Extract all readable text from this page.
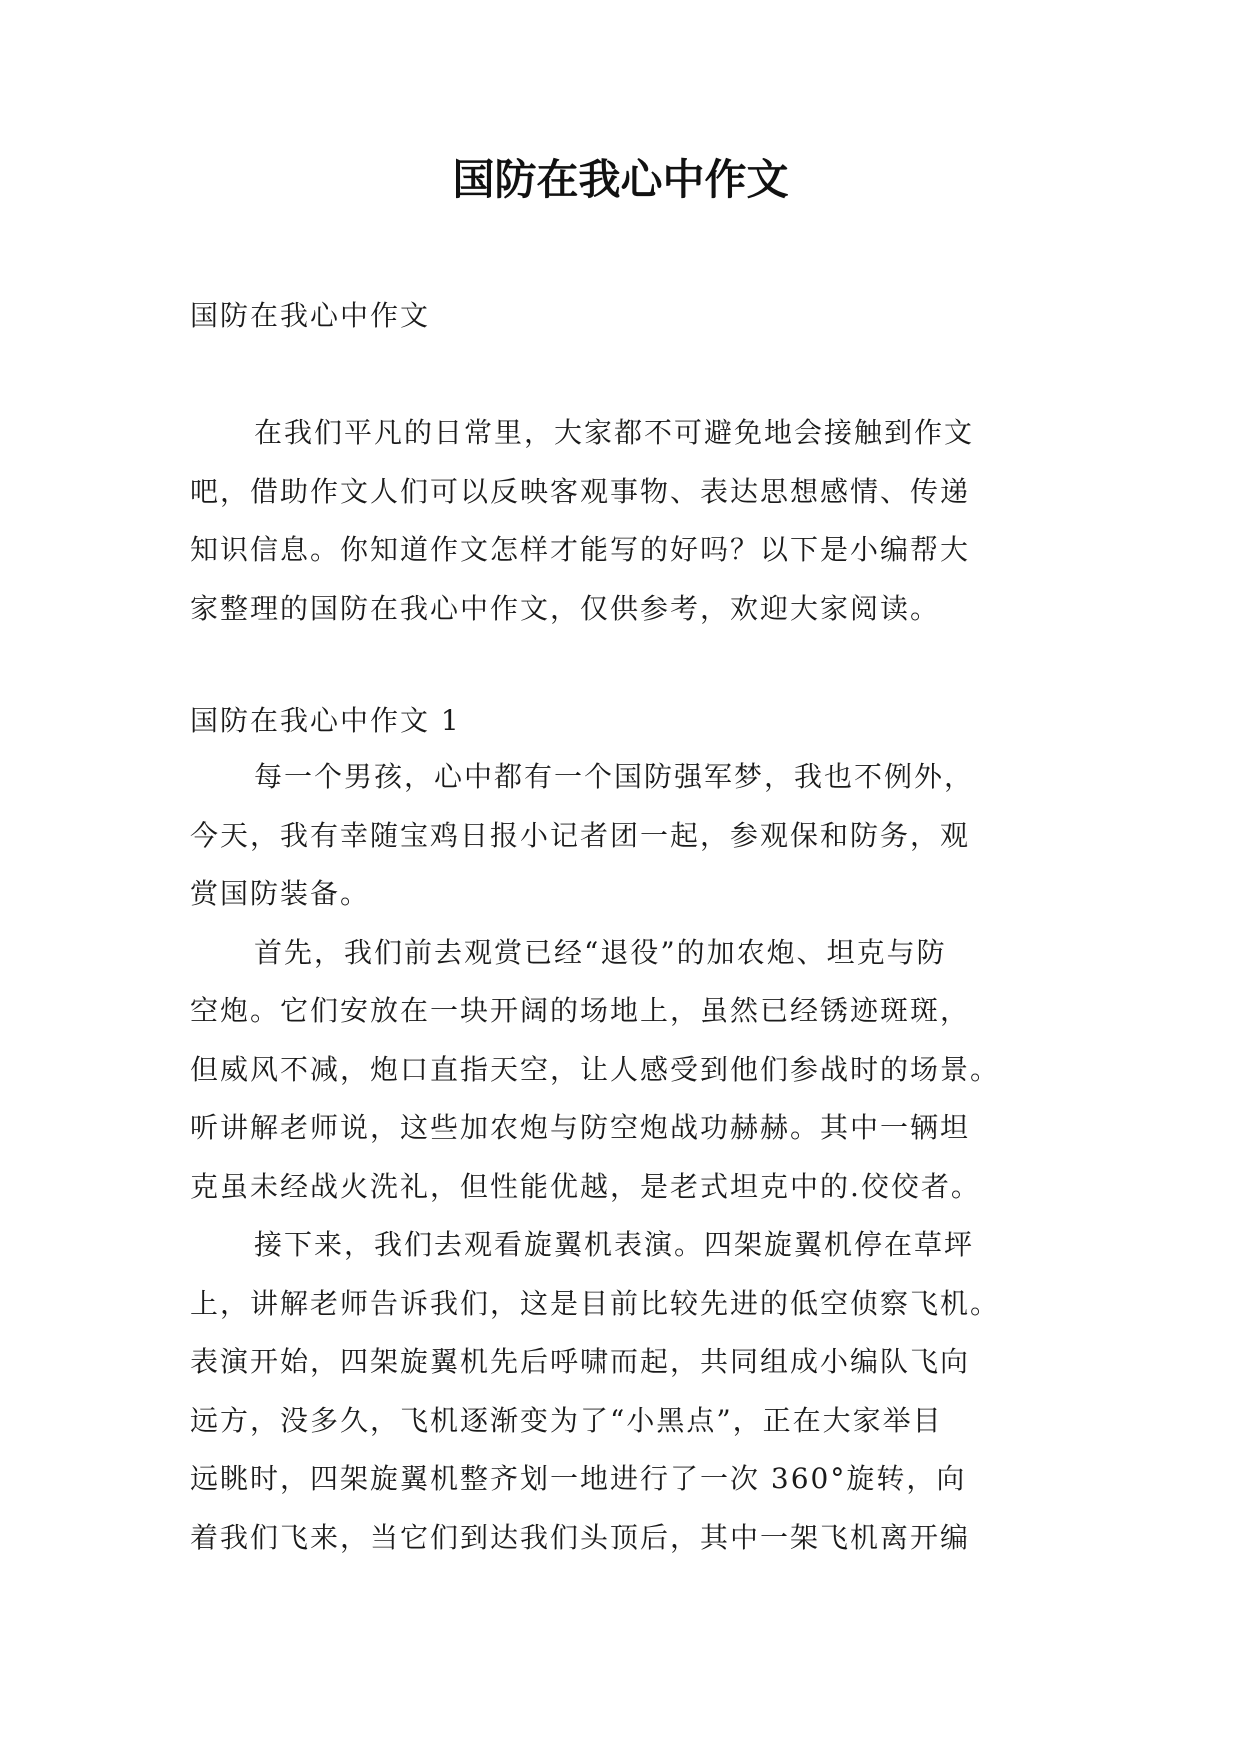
国防在我心中作文

国防在我心中作文

在我们平凡的日常里，大家都不可避免地会接触到作文
吧，借助作文人们可以反映客观事物、表达思想感情、传递
知识信息。你知道作文怎样才能写的好吗？以下是小编帮大
家整理的国防在我心中作文，仅供参考，欢迎大家阅读。

国防在我心中作文 1

每一个男孩，心中都有一个国防强军梦，我也不例外，
今天，我有幸随宝鸡日报小记者团一起，参观保和防务，观
赏国防装备。
首先，我们前去观赏已经“退役”的加农炮、坦克与防
空炮。它们安放在一块开阔的场地上，虽然已经锈迹斑斑，
但威风不减，炮口直指天空，让人感受到他们参战时的场景。
听讲解老师说，这些加农炮与防空炮战功赫赫。其中一辆坦
克虽未经战火洗礼，但性能优越，是老式坦克中的.佼佼者。
接下来，我们去观看旋翼机表演。四架旋翼机停在草坪
上，讲解老师告诉我们，这是目前比较先进的低空侦察飞机。
表演开始，四架旋翼机先后呼啸而起，共同组成小编队飞向
远方，没多久，飞机逐渐变为了“小黑点”，正在大家举目
远眺时，四架旋翼机整齐划一地进行了一次 360°旋转，向
着我们飞来，当它们到达我们头顶后，其中一架飞机离开编
